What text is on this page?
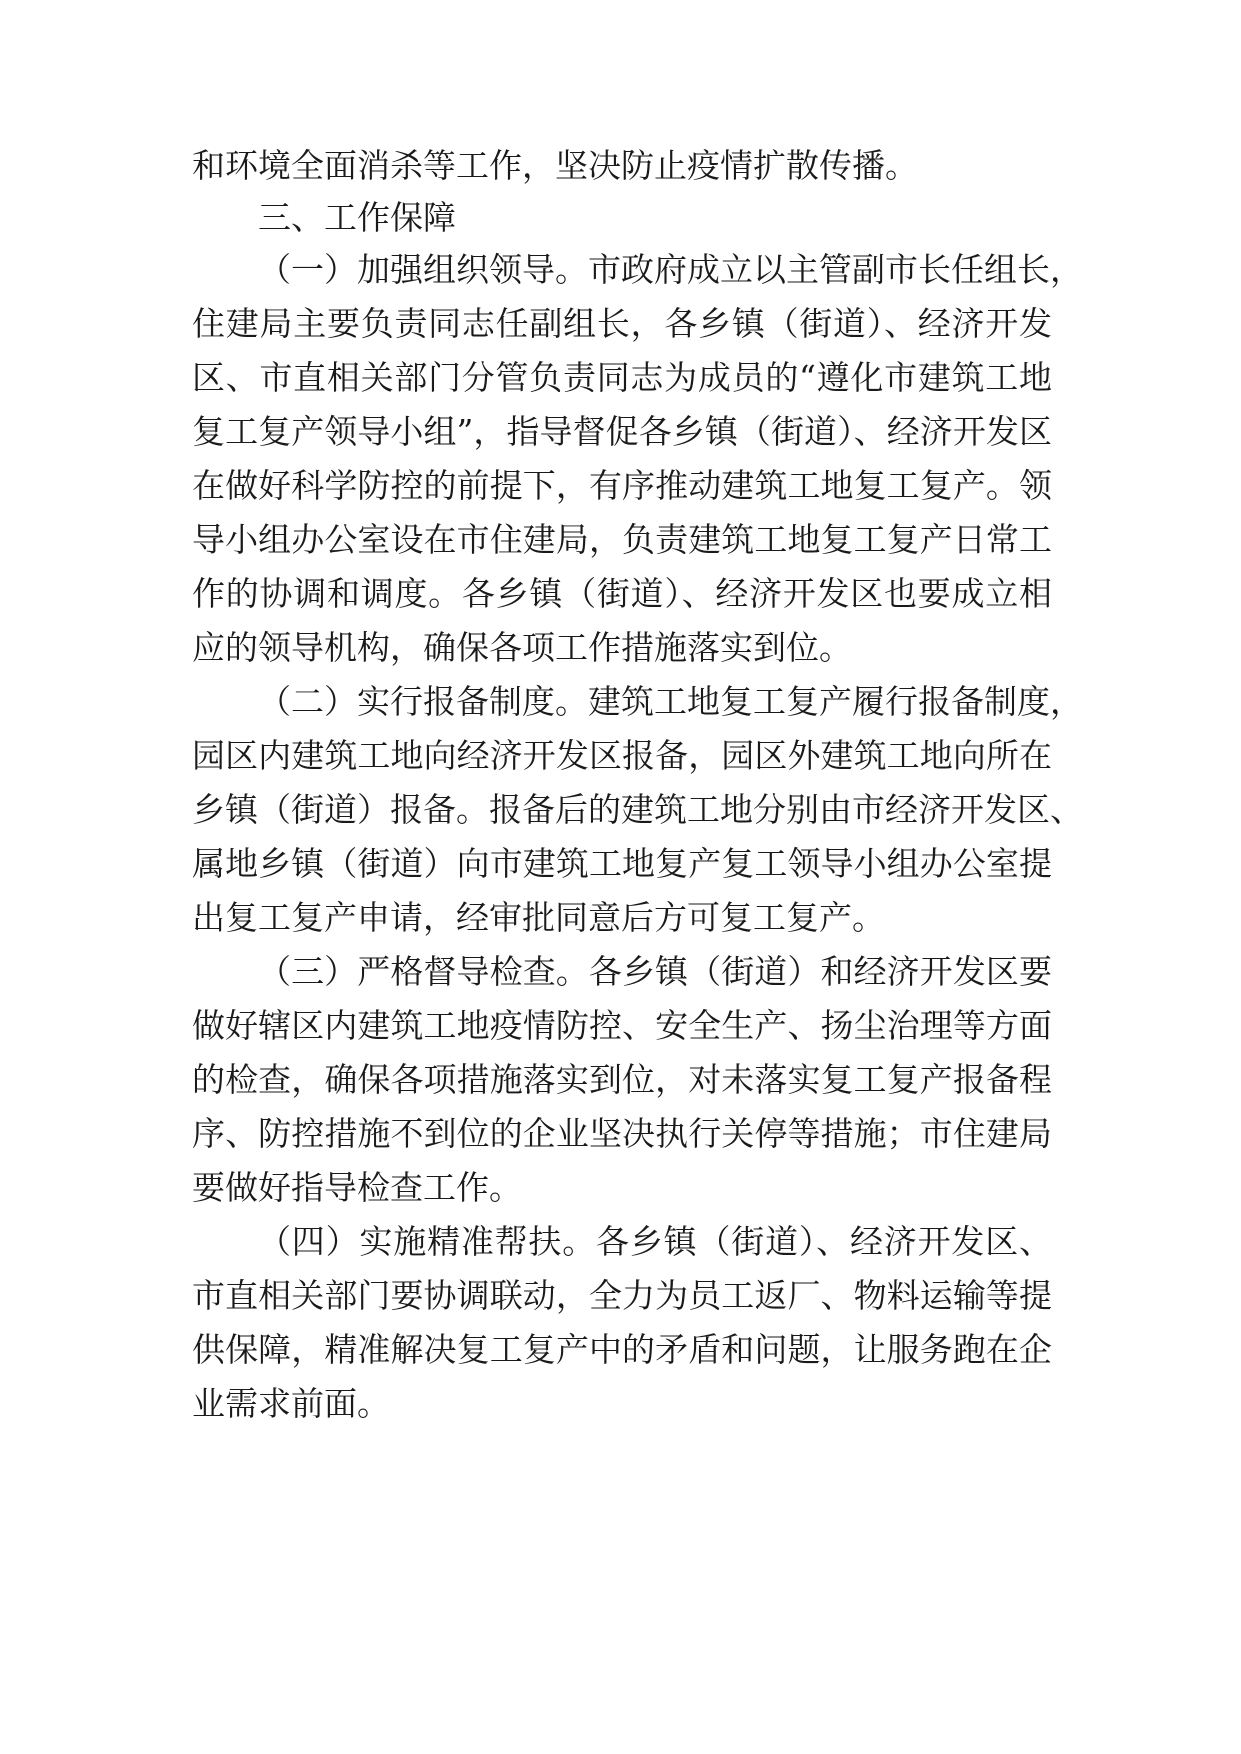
和环境全面消杀等工作，坚决防止疫情扩散传播。
三、工作保障
（一）加强组织领导。市政府成立以主管副市长任组长，
住建局主要负责同志任副组长，各乡镇（街道）、经济开发
区、市直相关部门分管负责同志为成员的“遵化市建筑工地
复工复产领导小组”，指导督促各乡镇（街道）、经济开发区
在做好科学防控的前提下，有序推动建筑工地复工复产。领
导小组办公室设在市住建局，负责建筑工地复工复产日常工
作的协调和调度。各乡镇（街道）、经济开发区也要成立相
应的领导机构，确保各项工作措施落实到位。
（二）实行报备制度。建筑工地复工复产履行报备制度，
园区内建筑工地向经济开发区报备，园区外建筑工地向所在
乡镇（街道）报备。报备后的建筑工地分别由市经济开发区、
属地乡镇（街道）向市建筑工地复产复工领导小组办公室提
出复工复产申请，经审批同意后方可复工复产。
（三）严格督导检查。各乡镇（街道）和经济开发区要
做好辖区内建筑工地疫情防控、安全生产、扬尘治理等方面
的检查，确保各项措施落实到位，对未落实复工复产报备程
序、防控措施不到位的企业坚决执行关停等措施；市住建局
要做好指导检查工作。
（四）实施精准帮扶。各乡镇（街道）、经济开发区、
市直相关部门要协调联动，全力为员工返厂、物料运输等提
供保障，精准解决复工复产中的矛盾和问题，让服务跑在企
业需求前面。
